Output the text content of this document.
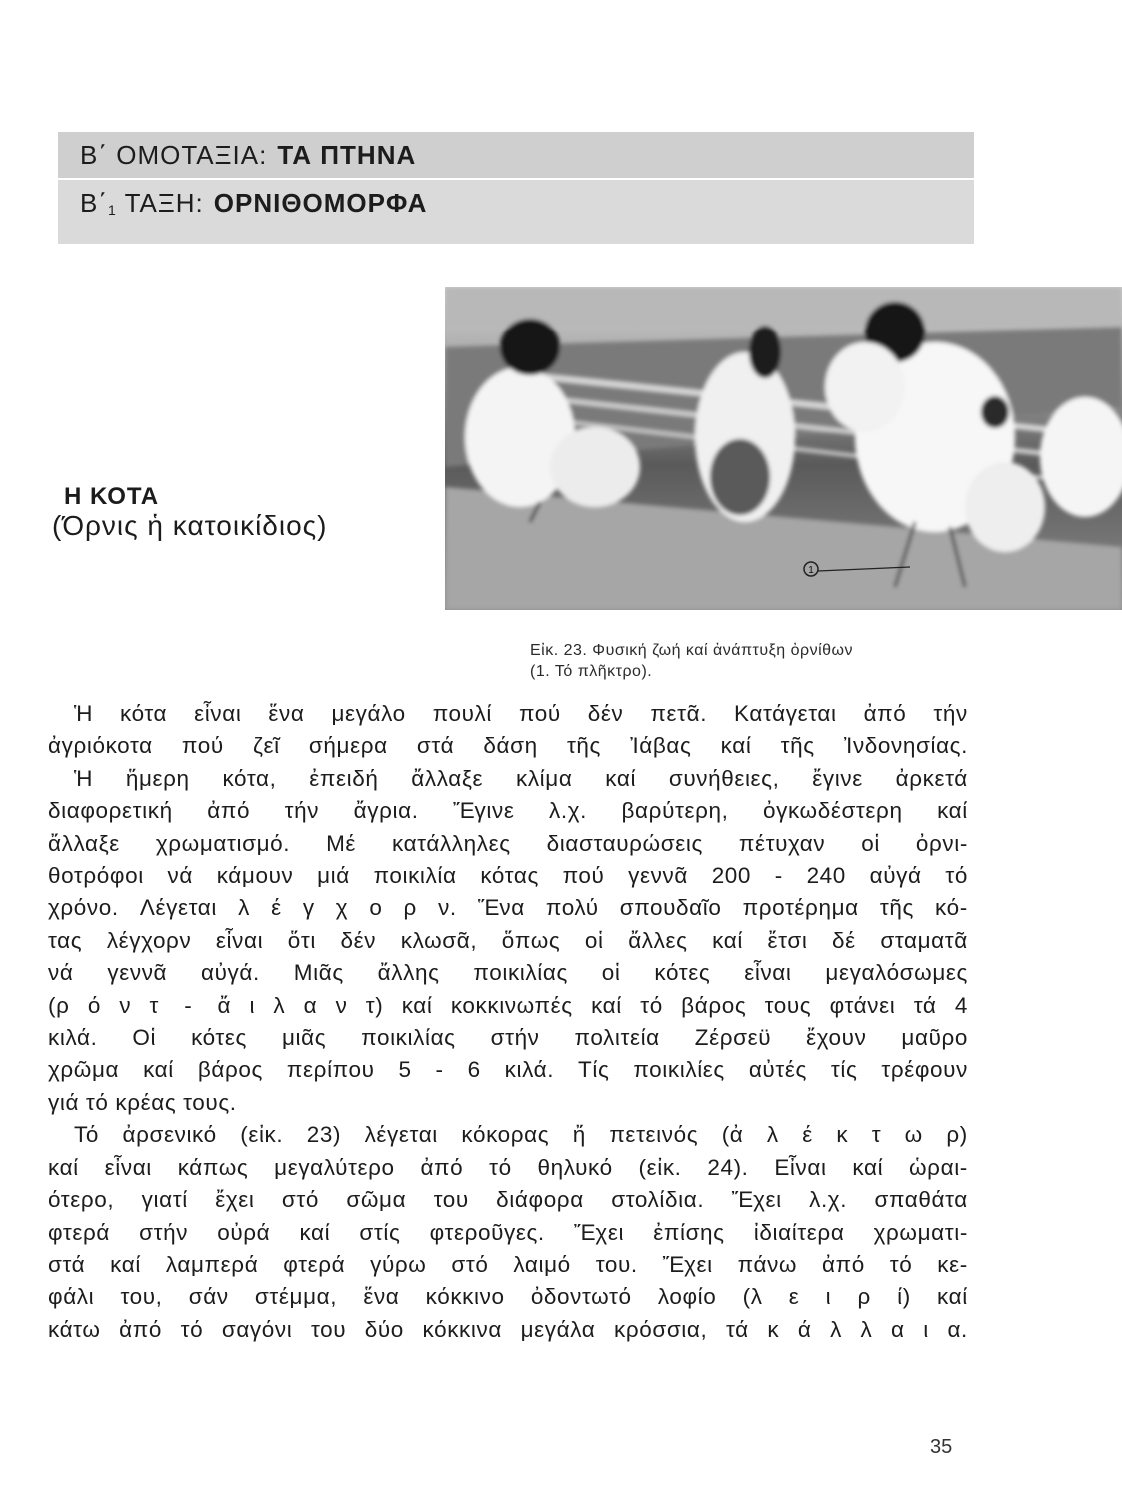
Β΄ ΟΜΟΤΑΞΙΑ: ΤΑ ΠΤΗΝΑ
$B΄_1$ ΤΑΞΗ: ΟΡΝΙΘΟΜΟΡΦΑ
1
Η ΚΟΤΑ
(Όρνις ἡ κατοικίδιος)
Εἰκ. 23. Φυσική ζωή καί ἀνάπτυξη ὀρνίθων
(1. Τό πλῆκτρο).
Ἡ κότα εἶναι ἕνα μεγάλο πουλί πού δέν πετᾶ. Κατάγεται ἀπό τήν
ἀγριόκοτα πού ζεῖ σήμερα στά δάση τῆς Ἰάβας καί τῆς Ἰνδονησίας.
Ἡ ἥμερη κότα, ἐπειδή ἄλλαξε κλίμα καί συνήθειες, ἔγινε ἀρκετά
διαφορετική ἀπό τήν ἄγρια. Ἔγινε λ.χ. βαρύτερη, ὀγκωδέστερη καί
ἄλλαξε χρωματισμό. Μέ κατάλληλες διασταυρώσεις πέτυχαν οἱ ὀρνι-
θοτρόφοι νά κάμουν μιά ποικιλία κότας πού γεννᾶ 200 - 240 αὐγά τό
χρόνο. Λέγεται λ έ γ χ ο ρ ν. Ἕνα πολύ σπουδαῖο προτέρημα τῆς κό-
τας λέγχορν εἶναι ὅτι δέν κλωσᾶ, ὅπως οἱ ἄλλες καί ἔτσι δέ σταματᾶ
νά γεννᾶ αὐγά. Μιᾶς ἄλλης ποικιλίας οἱ κότες εἶναι μεγαλόσωμες
(ρ ό ν τ - ἄ ι λ α ν τ) καί κοκκινωπές καί τό βάρος τους φτάνει τά 4
κιλά. Οἱ κότες μιᾶς ποικιλίας στήν πολιτεία Ζέρσεϋ ἔχουν μαῦρο
χρῶμα καί βάρος περίπου 5 - 6 κιλά. Τίς ποικιλίες αὐτές τίς τρέφουν
γιά τό κρέας τους.
Τό ἀρσενικό (εἰκ. 23) λέγεται κόκορας ἤ πετεινός (ἀ λ έ κ τ ω ρ)
καί εἶναι κάπως μεγαλύτερο ἀπό τό θηλυκό (εἰκ. 24). Εἶναι καί ὡραι-
ότερο, γιατί ἔχει στό σῶμα του διάφορα στολίδια. Ἔχει λ.χ. σπαθάτα
φτερά στήν οὐρά καί στίς φτεροῦγες. Ἔχει ἐπίσης ἰδιαίτερα χρωματι-
στά καί λαμπερά φτερά γύρω στό λαιμό του. Ἔχει πάνω ἀπό τό κε-
φάλι του, σάν στέμμα, ἕνα κόκκινο ὀδοντωτό λοφίο (λ ε ι ρ ί) καί
κάτω ἀπό τό σαγόνι του δύο κόκκινα μεγάλα κρόσσια, τά κ ά λ λ α ι α.
35
